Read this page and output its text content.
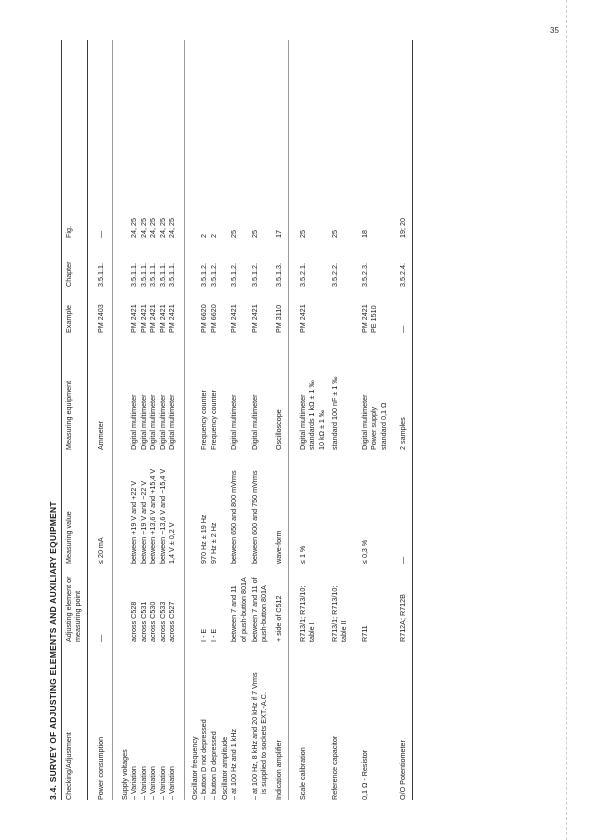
35
3.4. SURVEY OF ADJUSTING ELEMENTS AND AUXILIARY EQUIPMENT Checking/Adjustment
Adjusting element or
measuring point
Measuring value
Measuring equipment
Example
Chapter
Fig.
Power consumption
—
≤ 20 mA
Ammeter
PM 2403
3.5.1.1.
—
Supply voltages
– Variation
– Variation
– Variation
– Variation
– Variation

across C528
across C531
across C530
across C533
across C527

between +19 V and +22 V
between −19 V and −22 V
between +13,6 V and +15,4 V
between −13,6 V and −15,4 V
1,4 V ± 0,2 V

Digital multimeter
Digital multimeter
Digital multimeter
Digital multimeter
Digital multimeter

PM 2421
PM 2421
PM 2421
PM 2421
PM 2421

3.5.1.1.
3.5.1.1.
3.5.1.1.
3.5.1.1.
3.5.1.1.

24, 25
24, 25
24, 25
24, 25
24, 25
Oscillator frequency
– button D not depressed
– button D depressed

I - E
I - E

970 Hz ± 19 Hz
97 Hz ± 2 Hz

Frequency counter
Frequency counter

PM 6620
PM 6620

3.5.1.2.
3.5.1.2.

2
2
Oscillator amplitude
– at 100 Hz and 1 kHz

between 7 and 11
of push-button 801A

between 650 and 800 mVrms

Digital multimeter

PM 2421

3.5.1.2.

25
– at 100 Hz, 8 kHz and 20 kHz if 7 Vrms
is supplied to sockets EXT.-A.C.
between 7 and 11 of
push-button 801A
between 600 and 750 mVrms
Digital multimeter
PM 2421
3.5.1.2.
25
Indication amplifier
+ side of C512
wave-form
Oscilloscope
PM 3110
3.5.1.3.
17
Scale calibration
R713/1; R713/10;
table I
≤ 1 %
Digital multimeter
standards 1 kΩ ± 1 ‰
10 kΩ ± 1 ‰
PM 2421
3.5.2.1.
25
Reference capacitor
R713/1; R713/10;
table II
standard 100 nF ± 1 ‰
3.5.2.2.
25
0,1 Ω - Resistor
R711
≤ 0,3 %
Digital multimeter
Power supply
standard 0,1 Ω
PM 2421
PE 1510
3.5.2.3.
18
O/O Potentiometer
R712A; R712B
—
2 samples
—
3.5.2.4.
19; 20
